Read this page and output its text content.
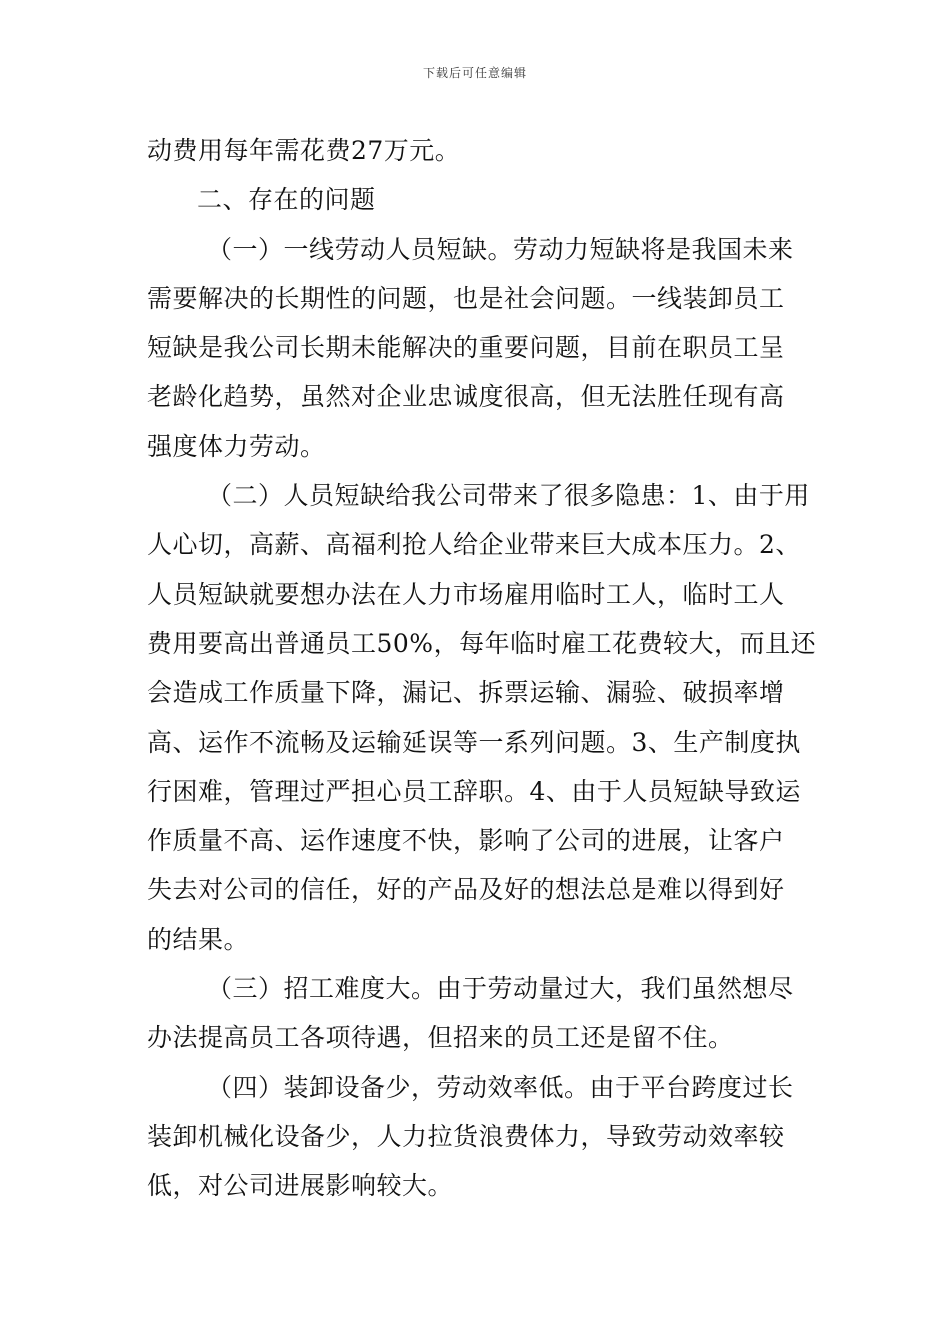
下载后可任意编辑
动费用每年需花费27万元。
二、存在的问题
（一）一线劳动人员短缺。劳动力短缺将是我国未来
需要解决的长期性的问题，也是社会问题。一线装卸员工
短缺是我公司长期未能解决的重要问题，目前在职员工呈
老龄化趋势，虽然对企业忠诚度很高，但无法胜任现有高
强度体力劳动。
（二）人员短缺给我公司带来了很多隐患：1、由于用
人心切，高薪、高福利抢人给企业带来巨大成本压力。2、
人员短缺就要想办法在人力市场雇用临时工人，临时工人
费用要高出普通员工50%，每年临时雇工花费较大，而且还
会造成工作质量下降，漏记、拆票运输、漏验、破损率增
高、运作不流畅及运输延误等一系列问题。3、生产制度执
行困难，管理过严担心员工辞职。4、由于人员短缺导致运
作质量不高、运作速度不快，影响了公司的进展，让客户
失去对公司的信任，好的产品及好的想法总是难以得到好
的结果。
（三）招工难度大。由于劳动量过大，我们虽然想尽
办法提高员工各项待遇，但招来的员工还是留不住。
（四）装卸设备少，劳动效率低。由于平台跨度过长
装卸机械化设备少，人力拉货浪费体力，导致劳动效率较
低，对公司进展影响较大。
